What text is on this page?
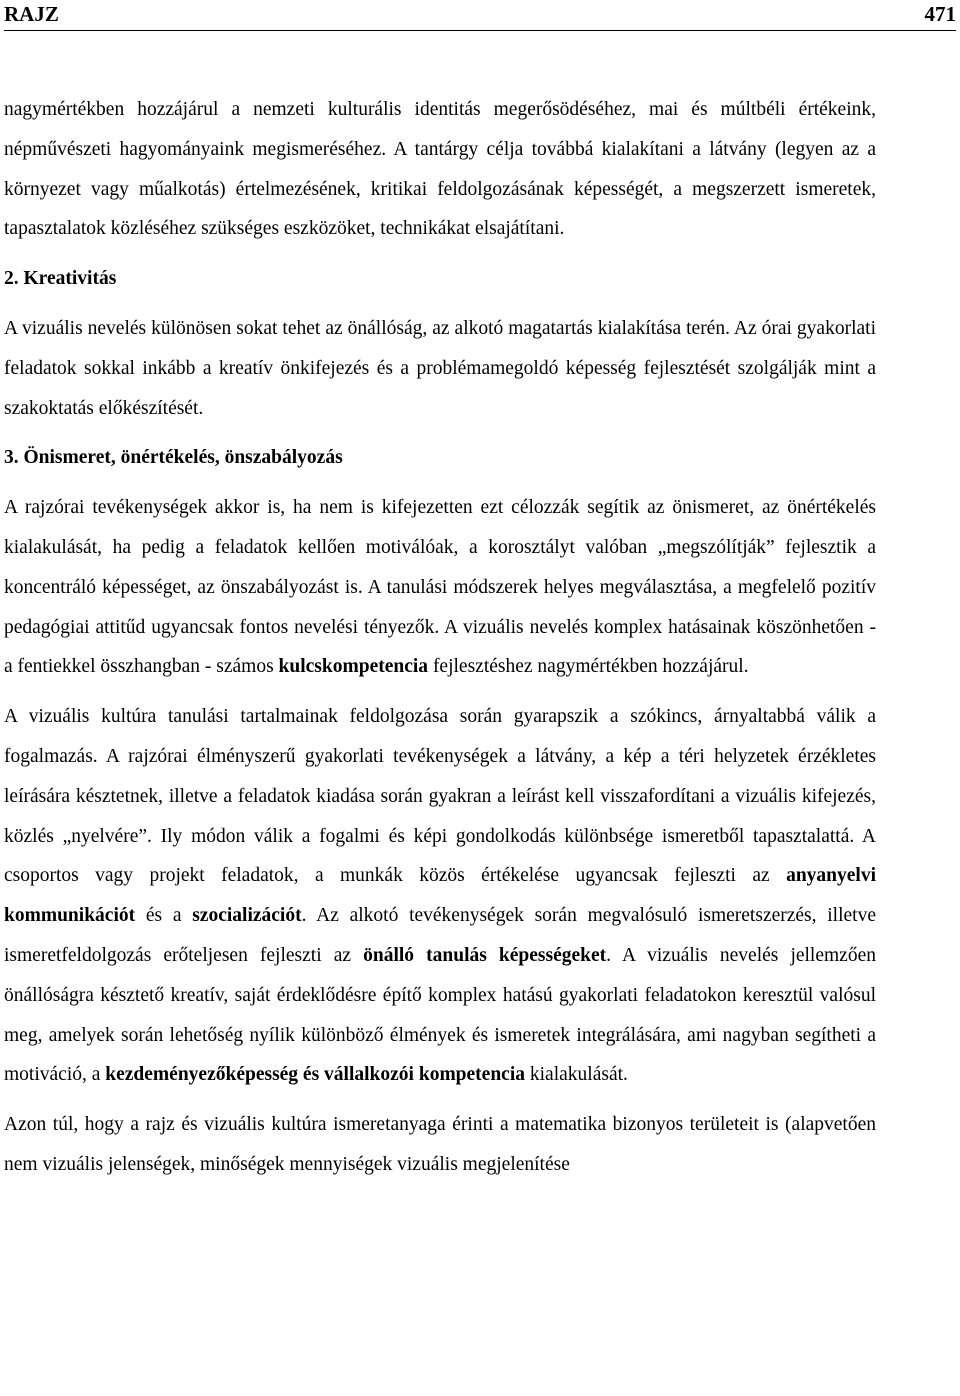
RAJZ	471

nagymértékben hozzájárul a nemzeti kulturális identitás megerősödéséhez, mai és múltbéli értékeink, népművészeti hagyományaink megismeréséhez. A tantárgy célja továbbá kialakítani a látvány (legyen az a környezet vagy műalkotás) értelmezésének, kritikai feldolgozásának képességét, a megszerzett ismeretek, tapasztalatok közléséhez szükséges eszközöket, technikákat elsajátítani.

2. Kreativitás

A vizuális nevelés különösen sokat tehet az önállóság, az alkotó magatartás kialakítása terén. Az órai gyakorlati feladatok sokkal inkább a kreatív önkifejezés és a problémamegoldó képesség fejlesztését szolgálják mint a szakoktatás előkészítését.

3. Önismeret, önértékelés, önszabályozás

A rajzórai tevékenységek akkor is, ha nem is kifejezetten ezt célozzák segítik az önismeret, az önértékelés kialakulását, ha pedig a feladatok kellően motiválóak, a korosztályt valóban „megszólítják” fejlesztik a koncentráló képességet, az önszabályozást is. A tanulási módszerek helyes megválasztása, a megfelelő pozitív pedagógiai attitűd ugyancsak fontos nevelési tényezők. A vizuális nevelés komplex hatásainak köszönhetően - a fentiekkel összhangban - számos kulcskompetencia fejlesztéshez nagymértékben hozzájárul.

A vizuális kultúra tanulási tartalmainak feldolgozása során gyarapszik a szókincs, árnyaltabbá válik a fogalmazás. A rajzórai élményszerű gyakorlati tevékenységek a látvány, a kép a téri helyzetek érzékletes leírására késztetnek, illetve a feladatok kiadása során gyakran a leírást kell visszafordítani a vizuális kifejezés, közlés „nyelvére”. Ily módon válik a fogalmi és képi gondolkodás különbsége ismeretből tapasztalattá. A csoportos vagy projekt feladatok, a munkák közös értékelése ugyancsak fejleszti az anyanyelvi kommunikációt és a szocializációt. Az alkotó tevékenységek során megvalósuló ismeretszerzés, illetve ismeretfeldolgozás erőteljesen fejleszti az önálló tanulás képességeket. A vizuális nevelés jellemzően önállóságra késztető kreatív, saját érdeklődésre építő komplex hatású gyakorlati feladatokon keresztül valósul meg, amelyek során lehetőség nyílik különböző élmények és ismeretek integrálására, ami nagyban segítheti a motiváció, a kezdeményezőképesség és vállalkozói kompetencia kialakulását.

Azon túl, hogy a rajz és vizuális kultúra ismeretanyaga érinti a matematika bizonyos területeit is (alapvetően nem vizuális jelenségek, minőségek mennyiségek vizuális megjelenítése
